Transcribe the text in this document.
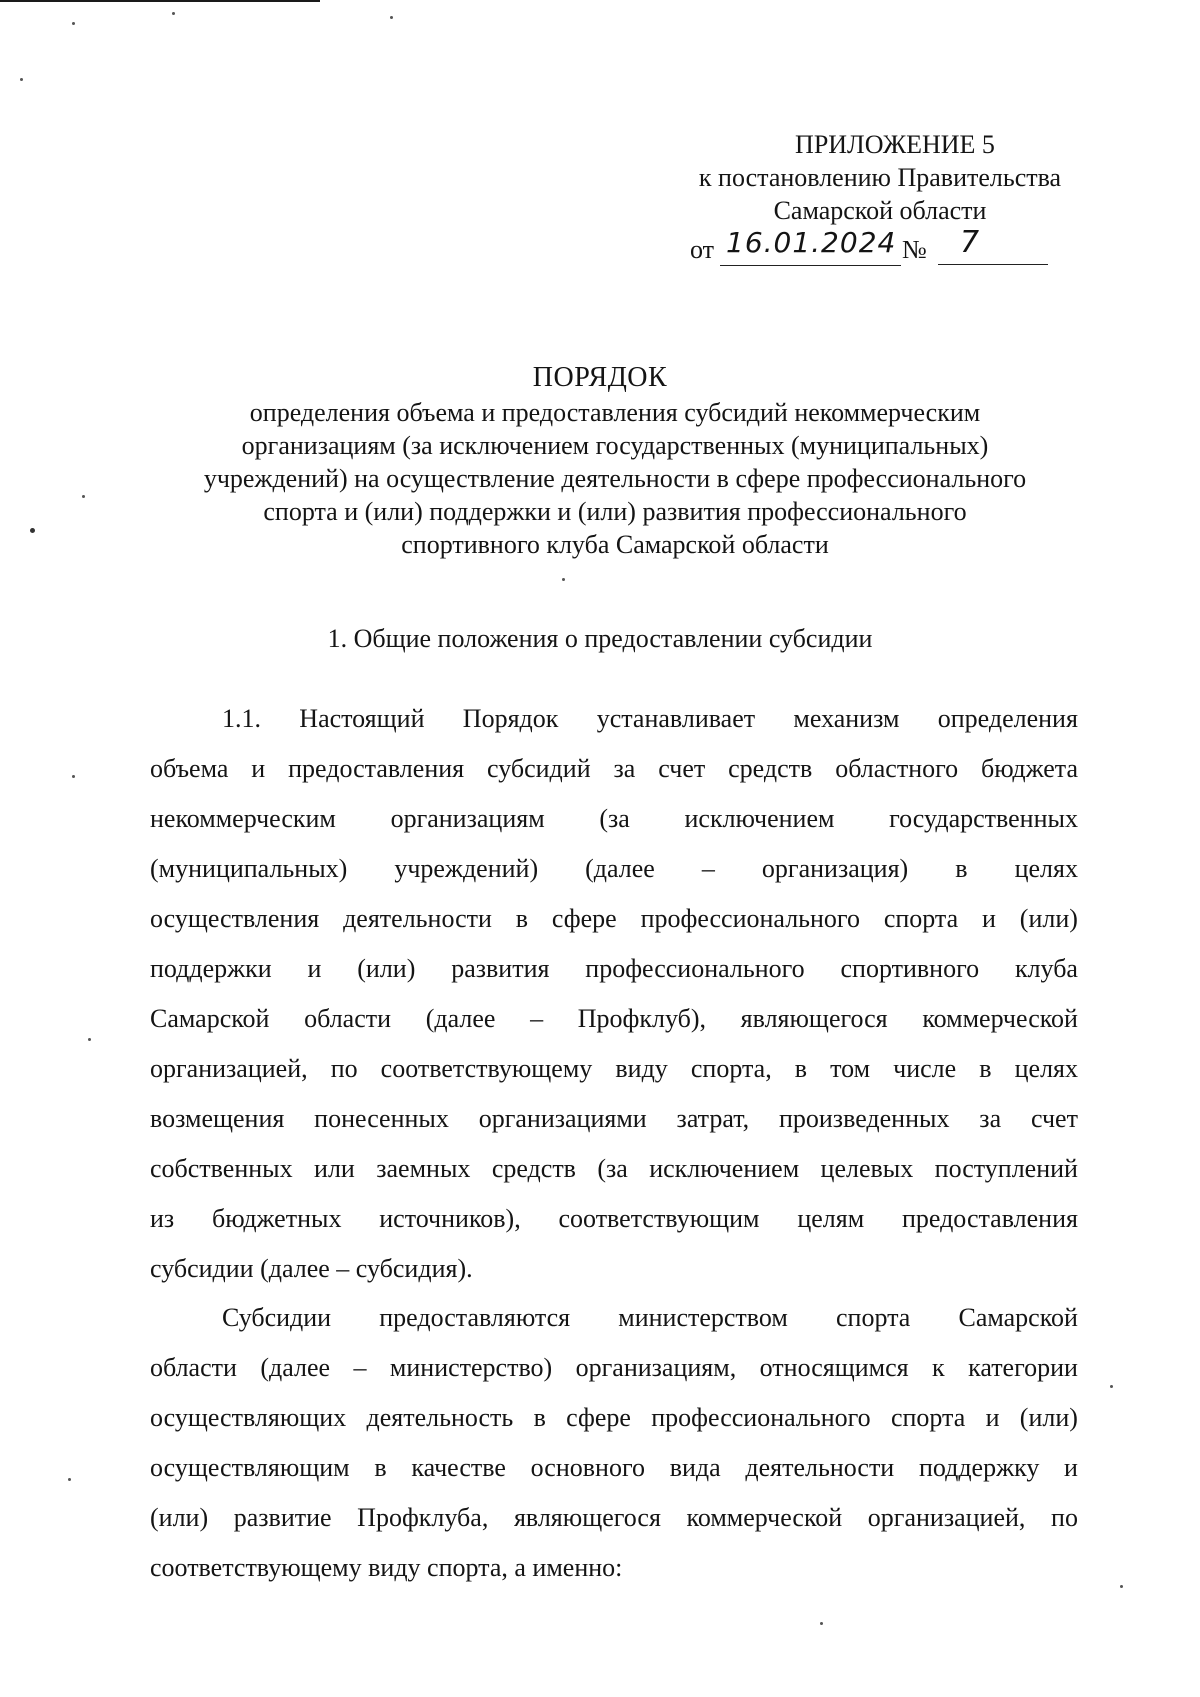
ПРИЛОЖЕНИЕ 5
к постановлению Правительства
Самарской области
от 16.01.2024 №	7
ПОРЯДОК
определения объема и предоставления субсидий некоммерческим
организациям (за исключением государственных (муниципальных)
учреждений) на осуществление деятельности в сфере профессионального
спорта и (или) поддержки и (или) развития профессионального
спортивного клуба Самарской области
1. Общие положения о предоставлении субсидии
1.1. Настоящий Порядок устанавливает механизм определения
объема и предоставления субсидий за счет средств областного бюджета
некоммерческим организациям (за исключением государственных
(муниципальных) учреждений) (далее – организация) в целях
осуществления деятельности в сфере профессионального спорта и (или)
поддержки и (или) развития профессионального спортивного клуба
Самарской области (далее – Профклуб), являющегося коммерческой
организацией, по соответствующему виду спорта, в том числе в целях
возмещения понесенных организациями затрат, произведенных за счет
собственных или заемных средств (за исключением целевых поступлений
из бюджетных источников), соответствующим целям предоставления
субсидии (далее – субсидия).
Субсидии предоставляются министерством спорта Самарской
области (далее – министерство) организациям, относящимся к категории
осуществляющих деятельность в сфере профессионального спорта и (или)
осуществляющим в качестве основного вида деятельности поддержку и
(или) развитие Профклуба, являющегося коммерческой организацией, по
соответствующему виду спорта, а именно:
